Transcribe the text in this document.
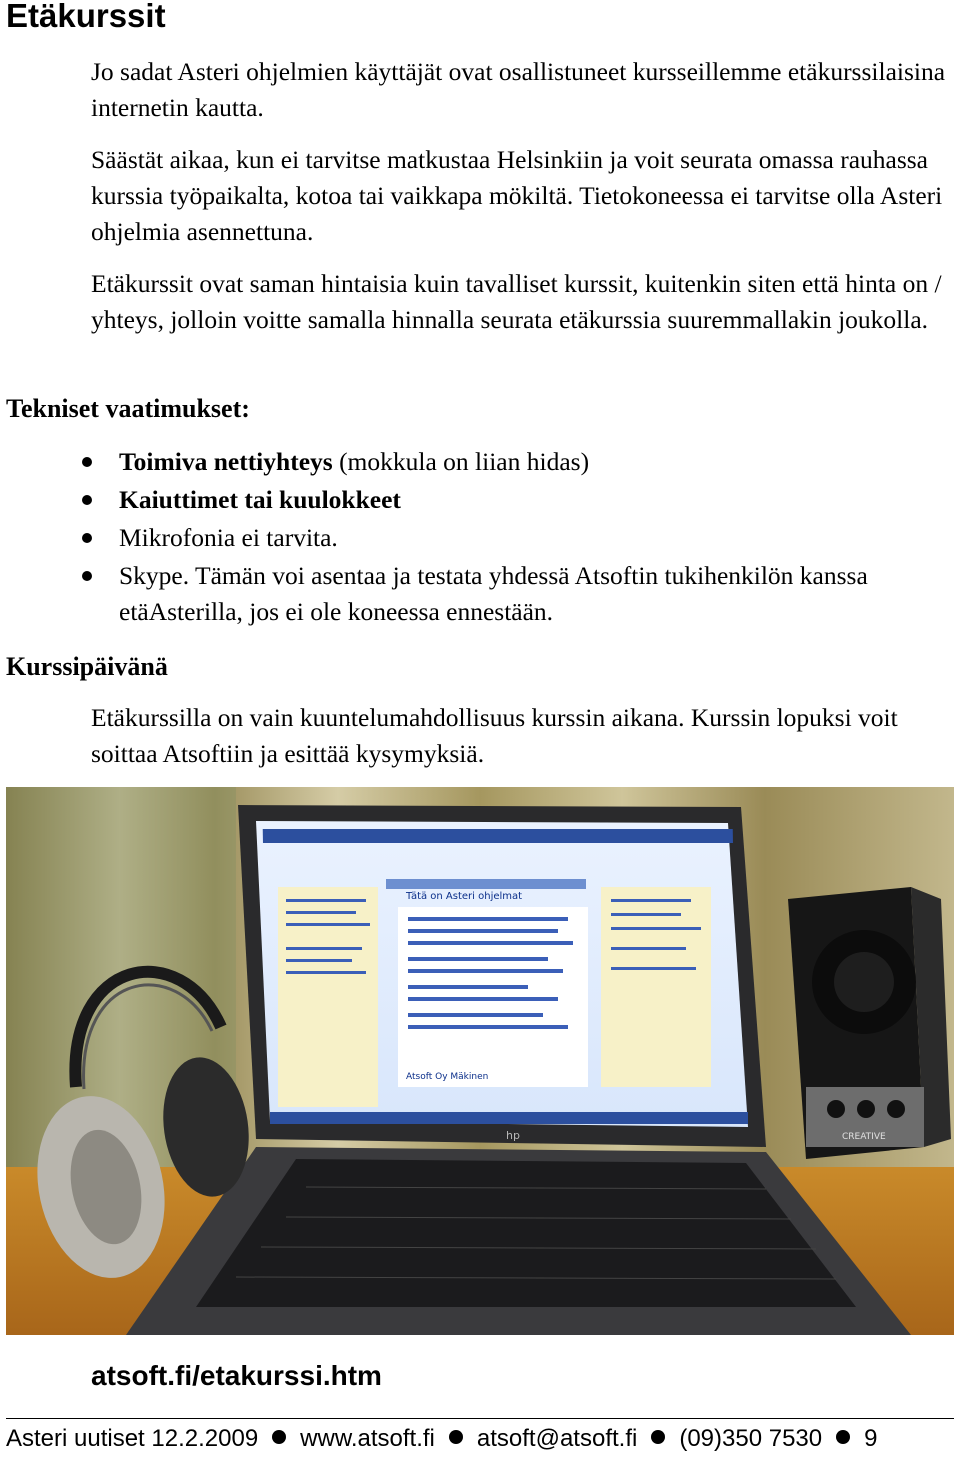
Etäkurssit

Jo sadat Asteri ohjelmien käyttäjät ovat osallistuneet kursseillemme etäkurssilaisina internetin kautta.

Säästät aikaa, kun ei tarvitse matkustaa Helsinkiin ja voit seurata omassa rauhassa kurssia työpaikalta, kotoa tai vaikkapa mökiltä. Tietokoneessa ei tarvitse olla Asteri ohjelmia asennettuna.

Etäkurssit ovat saman hintaisia kuin tavalliset kurssit, kuitenkin siten että hinta on / yhteys, jolloin voitte samalla hinnalla seurata etäkurssia suuremmallakin joukolla.

Tekniset vaatimukset:
Toimiva nettiyhteys (mokkula on liian hidas)
Kaiuttimet tai kuulokkeet
Mikrofonia ei tarvita.
Skype. Tämän voi asentaa ja testata yhdessä Atsoftin tukihenkilön kanssa etäAsterilla, jos ei ole koneessa ennestään.
Kurssipäivänä

Etäkurssilla on vain kuuntelumahdollisuus kurssin aikana. Kurssin lopuksi voit soittaa Atsoftiin ja esittää kysymyksiä.

Tätä on Asteri ohjelmat
Atsoft Oy Mäkinen
hp	CREATIVE

atsoft.fi/etakurssi.htm

Asteri uutiset 12.2.2009 www.atsoft.fi atsoft@atsoft.fi (09)350 7530 9
